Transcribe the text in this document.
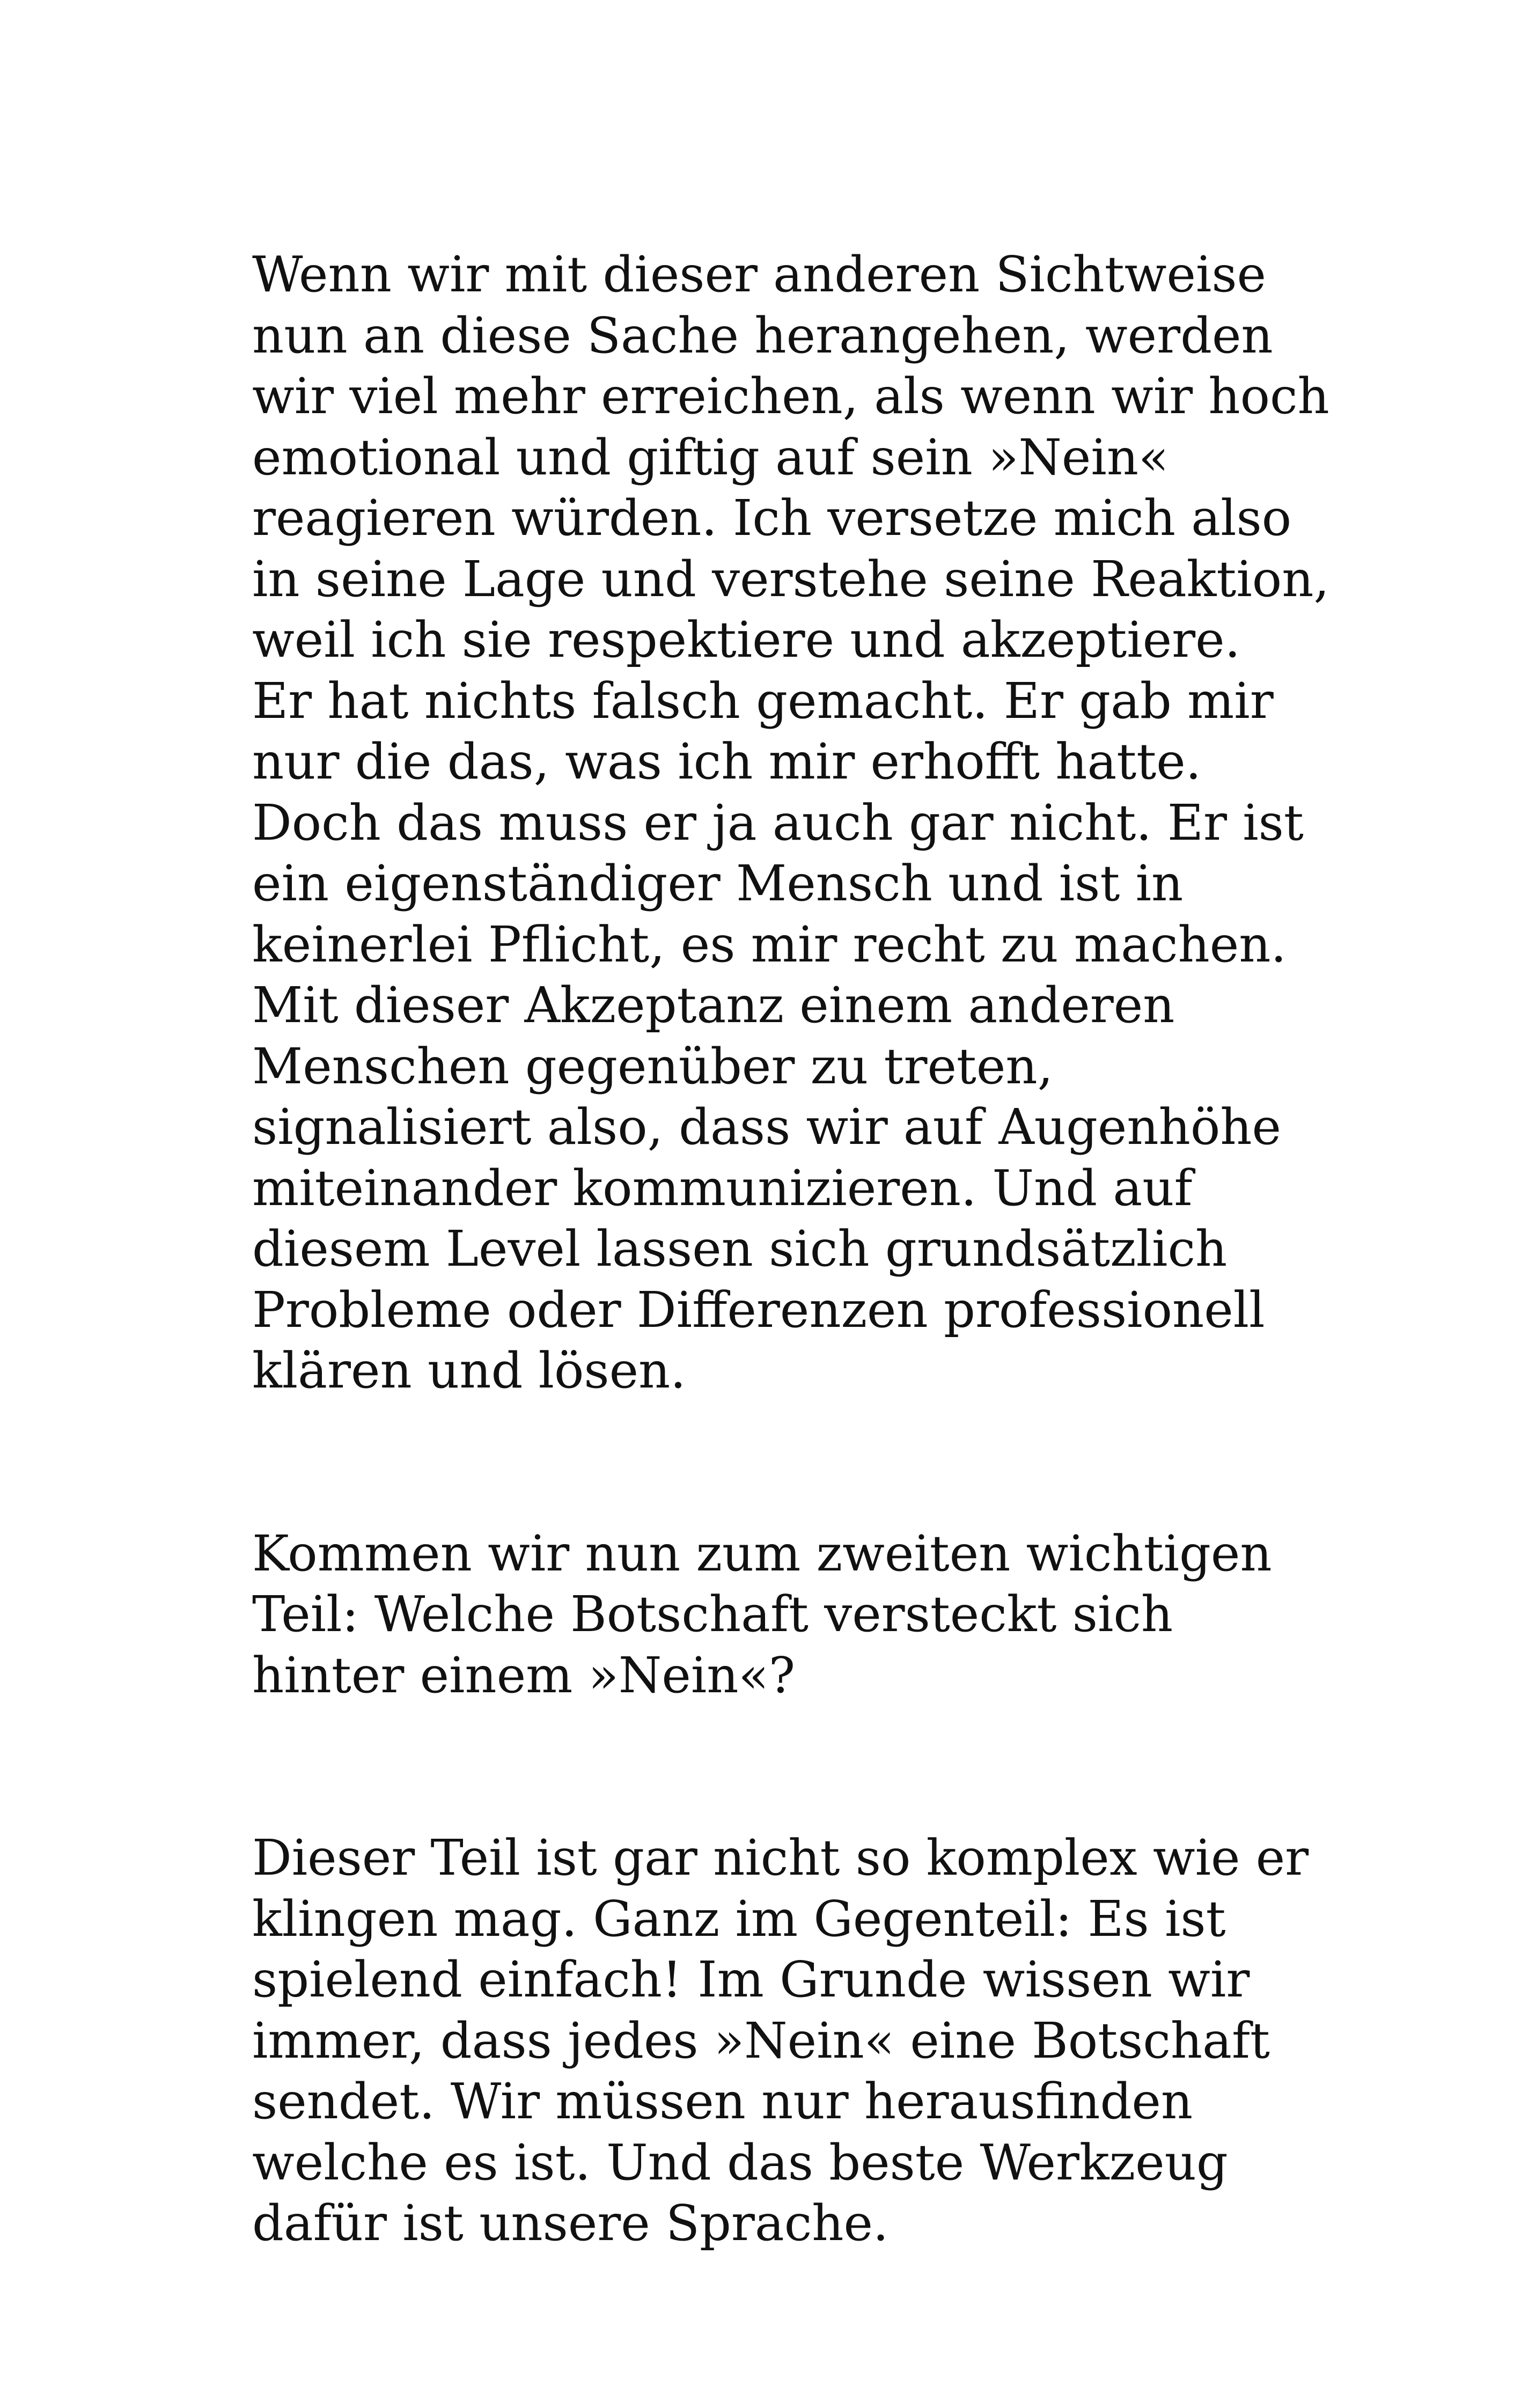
Wenn wir mit dieser anderen Sichtweise
nun an diese Sache herangehen, werden
wir viel mehr erreichen, als wenn wir hoch
emotional und giftig auf sein »Nein«
reagieren würden. Ich versetze mich also
in seine Lage und verstehe seine Reaktion,
weil ich sie respektiere und akzeptiere.
Er hat nichts falsch gemacht. Er gab mir
nur die das, was ich mir erhofft hatte.
Doch das muss er ja auch gar nicht. Er ist
ein eigenständiger Mensch und ist in
keinerlei Pflicht, es mir recht zu machen.
Mit dieser Akzeptanz einem anderen
Menschen gegenüber zu treten,
signalisiert also, dass wir auf Augenhöhe
miteinander kommunizieren. Und auf
diesem Level lassen sich grundsätzlich
Probleme oder Differenzen professionell
klären und lösen.

Kommen wir nun zum zweiten wichtigen
Teil: Welche Botschaft versteckt sich
hinter einem »Nein«?

Dieser Teil ist gar nicht so komplex wie er
klingen mag. Ganz im Gegenteil: Es ist
spielend einfach! Im Grunde wissen wir
immer, dass jedes »Nein« eine Botschaft
sendet. Wir müssen nur herausfinden
welche es ist. Und das beste Werkzeug
dafür ist unsere Sprache.
